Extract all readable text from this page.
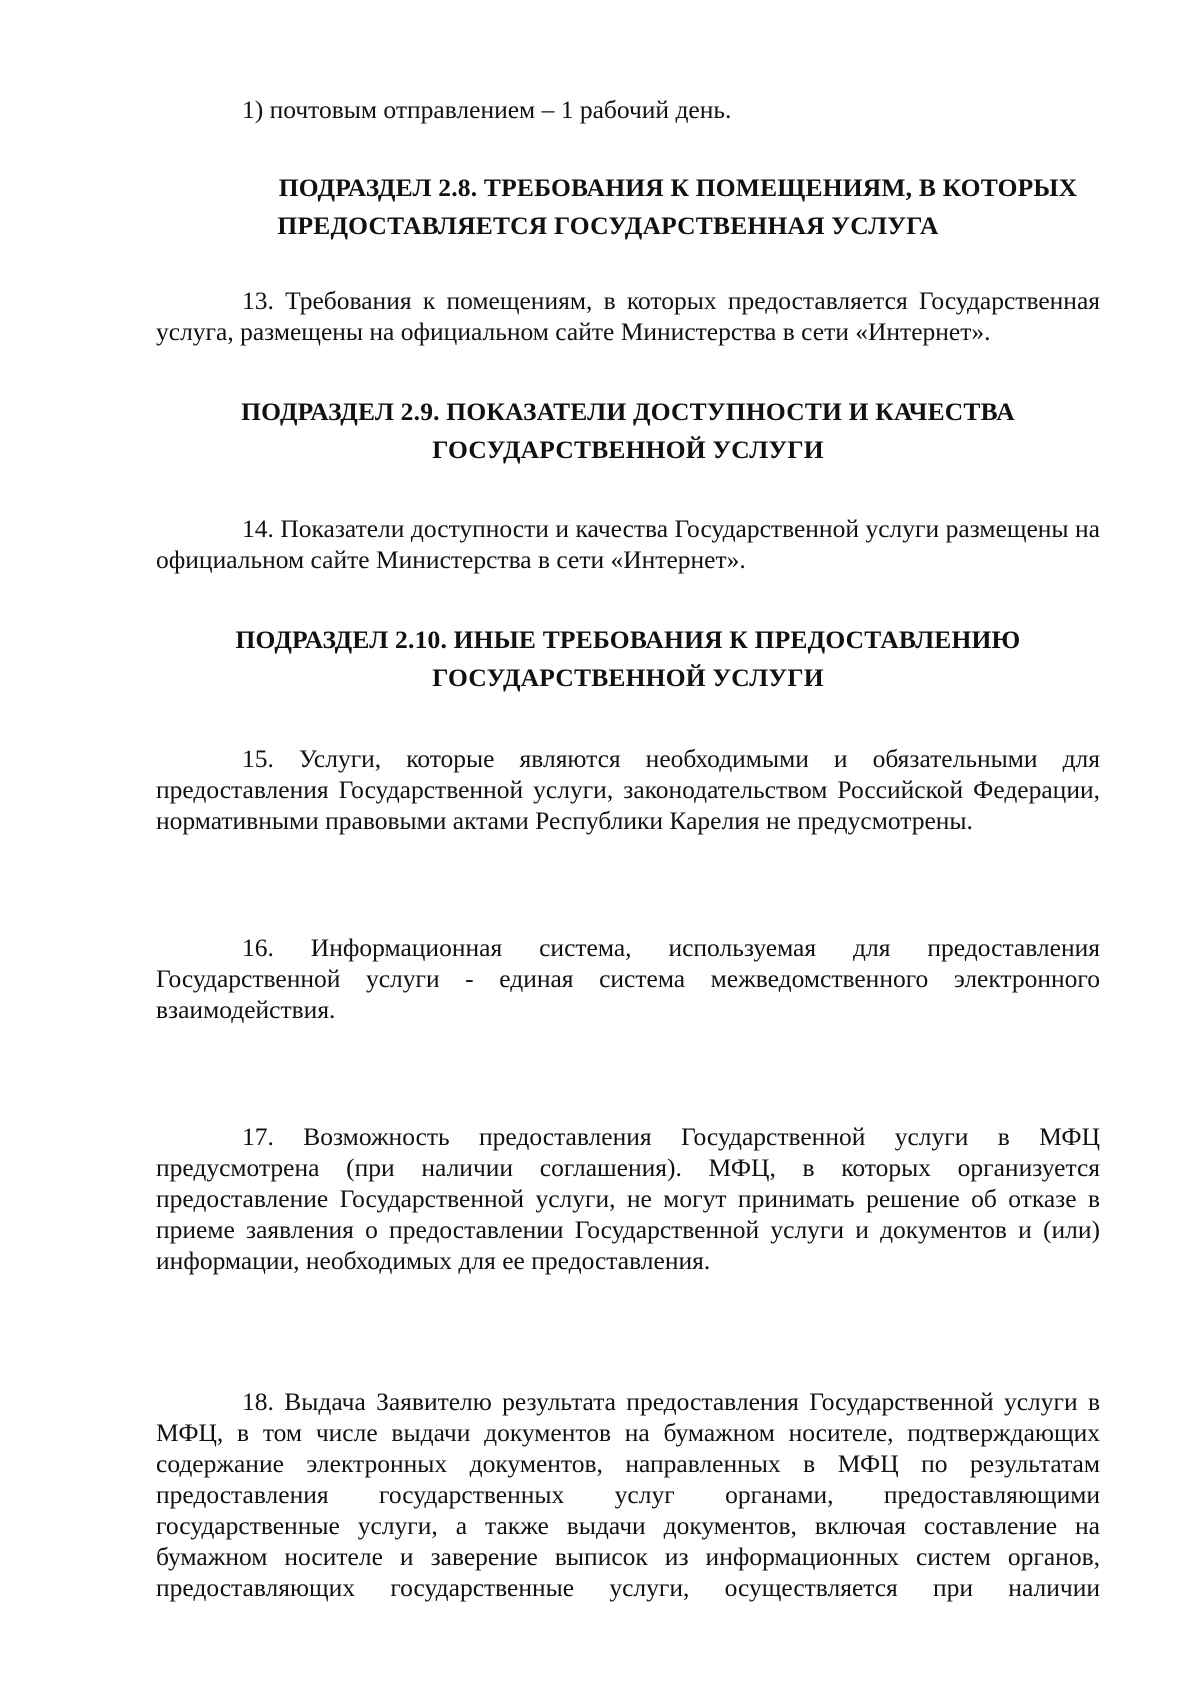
1) почтовым отправлением – 1 рабочий день.

ПОДРАЗДЕЛ 2.8. ТРЕБОВАНИЯ К ПОМЕЩЕНИЯМ, В КОТОРЫХ
ПРЕДОСТАВЛЯЕТСЯ ГОСУДАРСТВЕННАЯ УСЛУГА

13. Требования к помещениям, в которых предоставляется Государственная услуга, размещены на официальном сайте Министерства в сети «Интернет».

ПОДРАЗДЕЛ 2.9. ПОКАЗАТЕЛИ ДОСТУПНОСТИ И КАЧЕСТВА
ГОСУДАРСТВЕННОЙ УСЛУГИ

14. Показатели доступности и качества Государственной услуги размещены на официальном сайте Министерства в сети «Интернет».

ПОДРАЗДЕЛ 2.10. ИНЫЕ ТРЕБОВАНИЯ К ПРЕДОСТАВЛЕНИЮ
ГОСУДАРСТВЕННОЙ УСЛУГИ

15. Услуги, которые являются необходимыми и обязательными для предоставления Государственной услуги, законодательством Российской Федерации, нормативными правовыми актами Республики Карелия не предусмотрены.

16. Информационная система, используемая для предоставления Государственной услуги - единая система межведомственного электронного взаимодействия.

17. Возможность предоставления Государственной услуги в МФЦ предусмотрена (при наличии соглашения). МФЦ, в которых организуется предоставление Государственной услуги, не могут принимать решение об отказе в приеме заявления о предоставлении Государственной услуги и документов и (или) информации, необходимых для ее предоставления.

18. Выдача Заявителю результата предоставления Государственной услуги в МФЦ, в том числе выдачи документов на бумажном носителе, подтверждающих содержание электронных документов, направленных в МФЦ по результатам предоставления государственных услуг органами, предоставляющими государственные услуги, а также выдачи документов, включая составление на бумажном носителе и заверение выписок из информационных систем органов, предоставляющих государственные услуги, осуществляется при наличии
